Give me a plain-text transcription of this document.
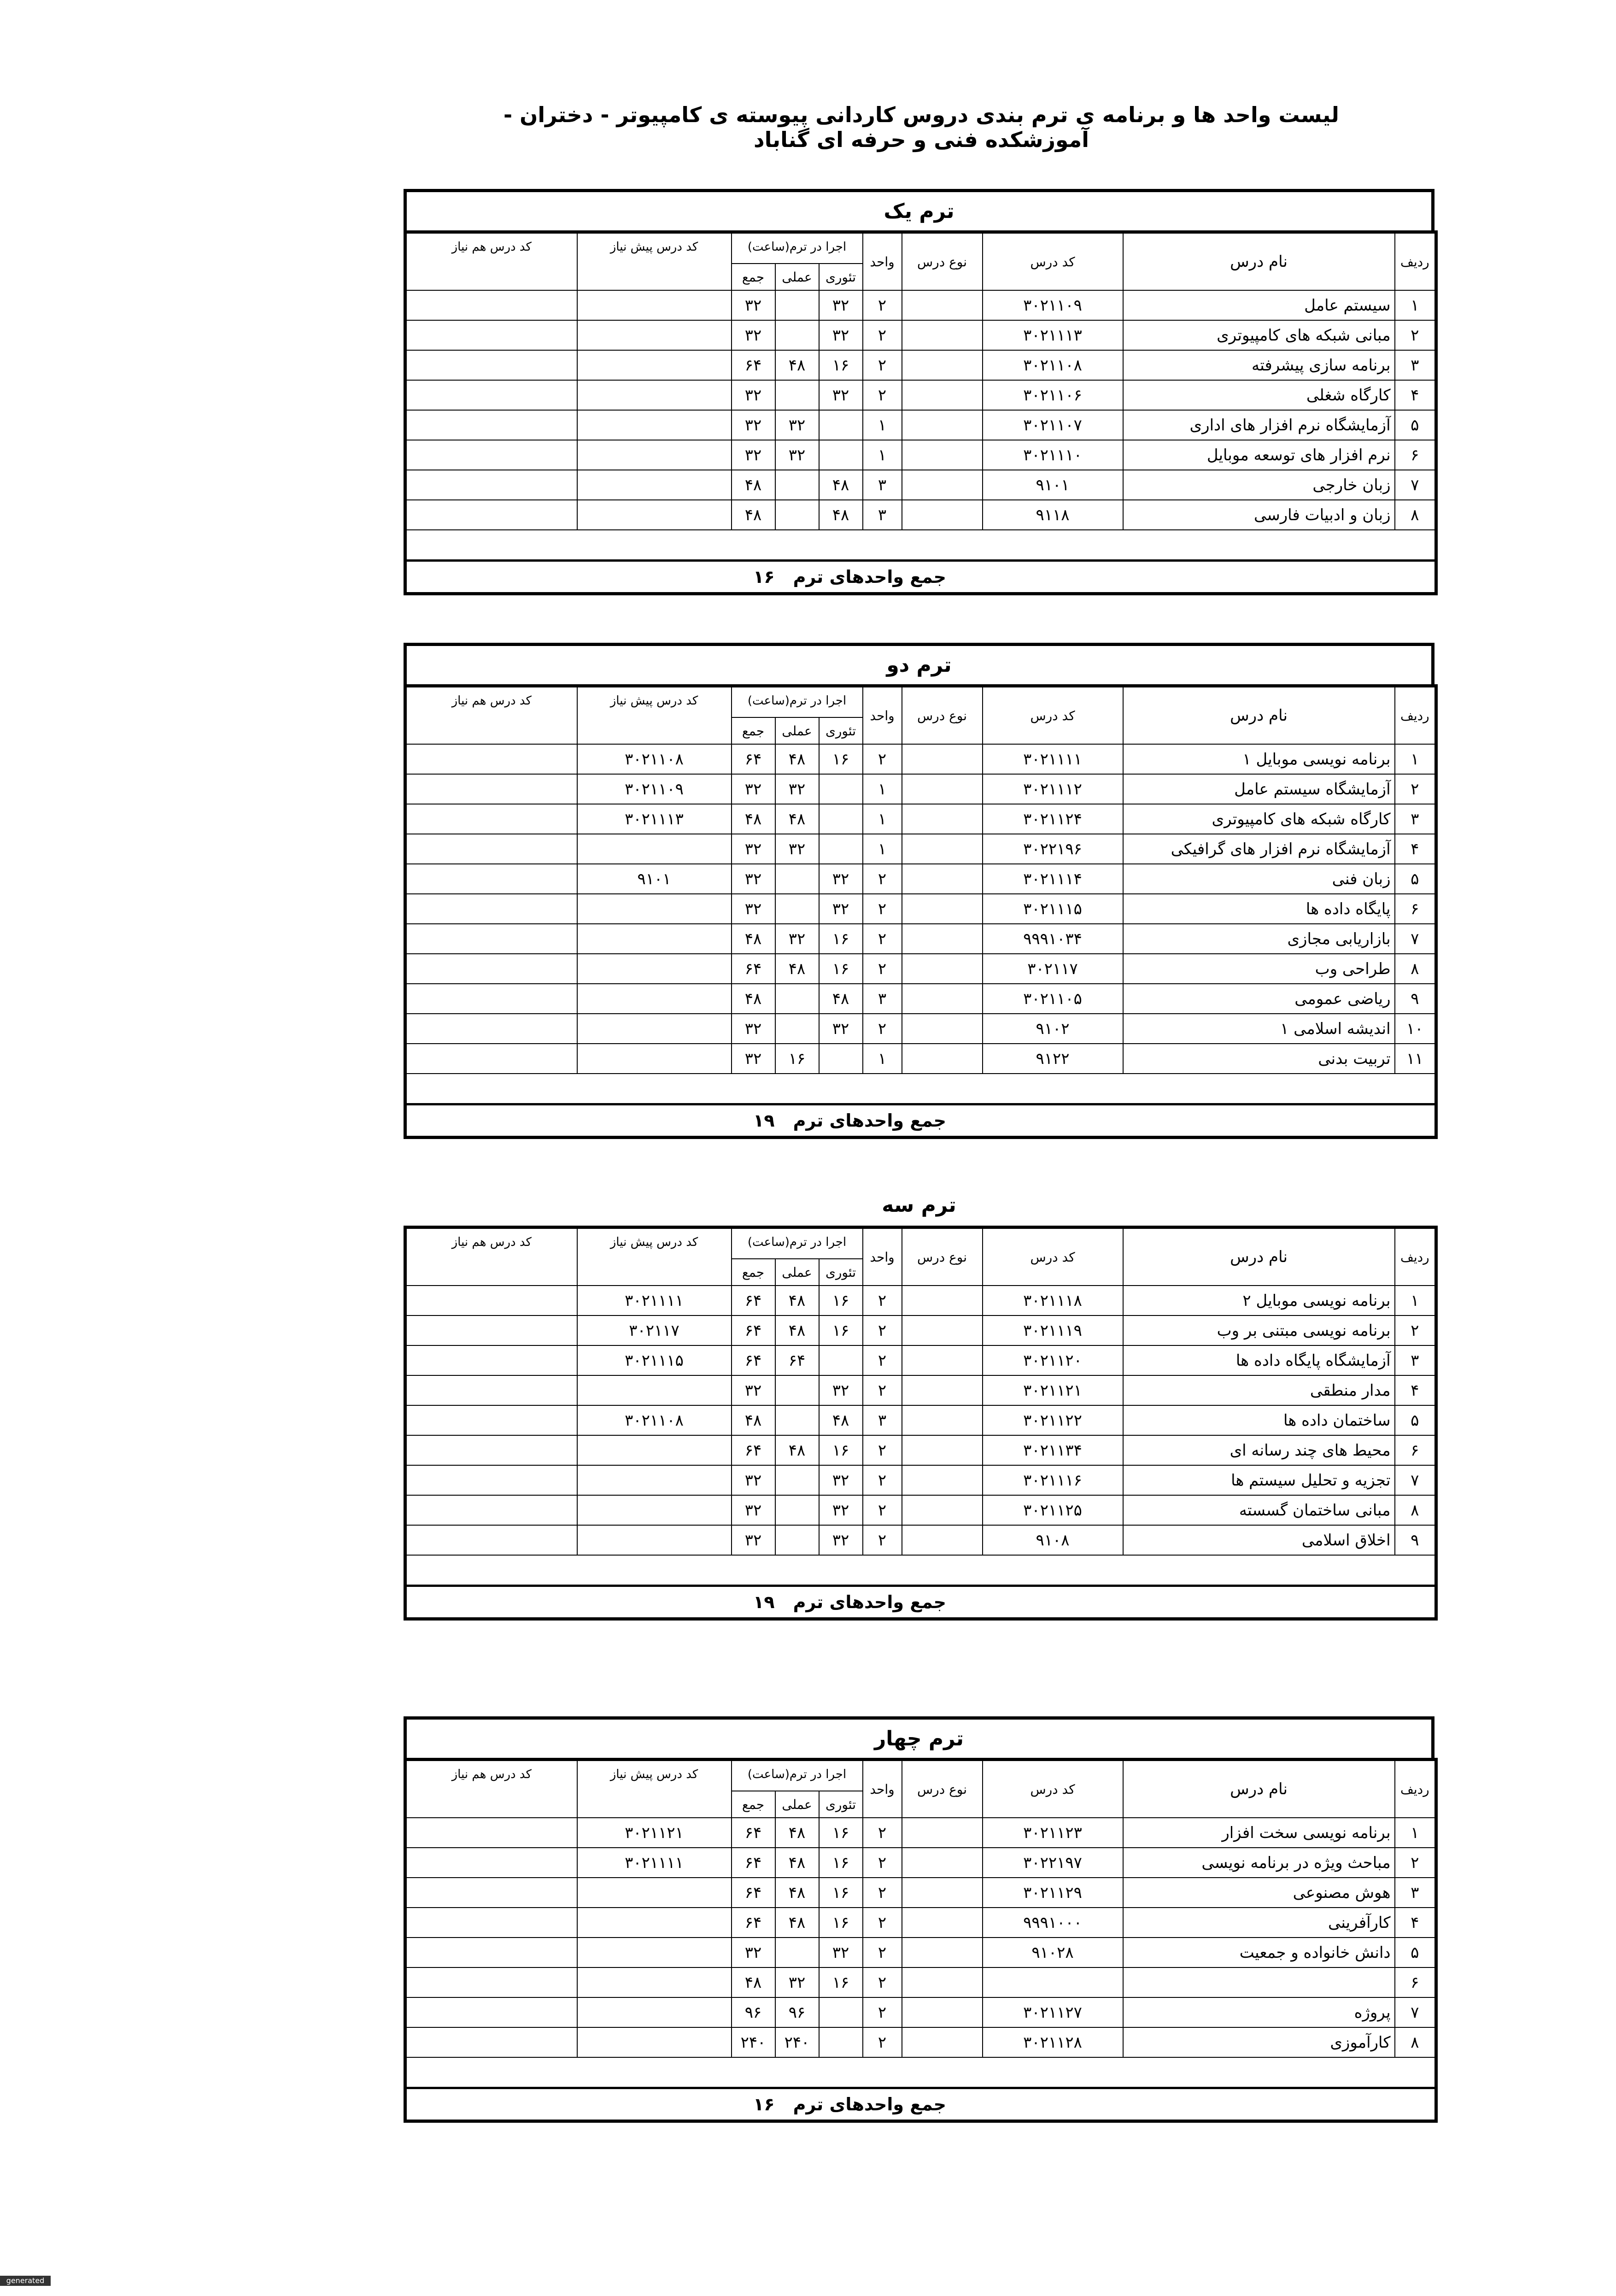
لیست واحد ها و برنامه ی ترم بندی دروس کاردانی پیوسته ی کامپیوتر - دختران - آموزشکده فنی و حرفه ای گناباد
ترم یک
ردیف	نام درس	کد درس	نوع درس	واحد	اجرا در ترم(ساعت)			کد درس پیش نیاز	کد درس هم نیاز
					تئوری	عملی	جمع		
۱	سیستم عامل	۳۰۲۱۱۰۹		۲	۳۲		۳۲		
۲	مبانی شبکه های کامپیوتری	۳۰۲۱۱۱۳		۲	۳۲		۳۲		
۳	برنامه سازی پیشرفته	۳۰۲۱۱۰۸		۲	۱۶	۴۸	۶۴		
۴	کارگاه شغلی	۳۰۲۱۱۰۶		۲	۳۲		۳۲		
۵	آزمایشگاه نرم افزار های اداری	۳۰۲۱۱۰۷		۱		۳۲	۳۲		
۶	نرم افزار های توسعه موبایل	۳۰۲۱۱۱۰		۱		۳۲	۳۲		
۷	زبان خارجی	۹۱۰۱		۳	۴۸		۴۸		
۸	زبان و ادبیات فارسی	۹۱۱۸		۳	۴۸		۴۸		

جمع واحدهای ترم۱۶									
ترم دو
ردیف	نام درس	کد درس	نوع درس	واحد	اجرا در ترم(ساعت)			کد درس پیش نیاز	کد درس هم نیاز
					تئوری	عملی	جمع		
۱	برنامه نویسی موبایل ۱	۳۰۲۱۱۱۱		۲	۱۶	۴۸	۶۴	۳۰۲۱۱۰۸	
۲	آزمایشگاه سیستم عامل	۳۰۲۱۱۱۲		۱		۳۲	۳۲	۳۰۲۱۱۰۹	
۳	کارگاه شبکه های کامپیوتری	۳۰۲۱۱۲۴		۱		۴۸	۴۸	۳۰۲۱۱۱۳	
۴	آزمایشگاه نرم افزار های گرافیکی	۳۰۲۲۱۹۶		۱		۳۲	۳۲		
۵	زبان فنی	۳۰۲۱۱۱۴		۲	۳۲		۳۲	۹۱۰۱	
۶	پایگاه داده ها	۳۰۲۱۱۱۵		۲	۳۲		۳۲		
۷	بازاریابی مجازی	۹۹۹۱۰۳۴		۲	۱۶	۳۲	۴۸		
۸	طراحی وب	۳۰۲۱۱۷		۲	۱۶	۴۸	۶۴		
۹	ریاضی عمومی	۳۰۲۱۱۰۵		۳	۴۸		۴۸		
۱۰	اندیشه اسلامی ۱	۹۱۰۲		۲	۳۲		۳۲		
۱۱	تربیت بدنی	۹۱۲۲		۱		۱۶	۳۲		

جمع واحدهای ترم۱۹									
ترم سه
ردیف	نام درس	کد درس	نوع درس	واحد	اجرا در ترم(ساعت)			کد درس پیش نیاز	کد درس هم نیاز
					تئوری	عملی	جمع		
۱	برنامه نویسی موبایل ۲	۳۰۲۱۱۱۸		۲	۱۶	۴۸	۶۴	۳۰۲۱۱۱۱	
۲	برنامه نویسی مبتنی بر وب	۳۰۲۱۱۱۹		۲	۱۶	۴۸	۶۴	۳۰۲۱۱۷	
۳	آزمایشگاه پایگاه داده ها	۳۰۲۱۱۲۰		۲		۶۴	۶۴	۳۰۲۱۱۱۵	
۴	مدار منطقی	۳۰۲۱۱۲۱		۲	۳۲		۳۲		
۵	ساختمان داده ها	۳۰۲۱۱۲۲		۳	۴۸		۴۸	۳۰۲۱۱۰۸	
۶	محیط های چند رسانه ای	۳۰۲۱۱۳۴		۲	۱۶	۴۸	۶۴		
۷	تجزیه و تحلیل سیستم ها	۳۰۲۱۱۱۶		۲	۳۲		۳۲		
۸	مبانی ساختمان گسسته	۳۰۲۱۱۲۵		۲	۳۲		۳۲		
۹	اخلاق اسلامی	۹۱۰۸		۲	۳۲		۳۲		

جمع واحدهای ترم۱۹									
ترم چهار
ردیف	نام درس	کد درس	نوع درس	واحد	اجرا در ترم(ساعت)			کد درس پیش نیاز	کد درس هم نیاز
					تئوری	عملی	جمع		
۱	برنامه نویسی سخت افزار	۳۰۲۱۱۲۳		۲	۱۶	۴۸	۶۴	۳۰۲۱۱۲۱	
۲	مباحث ویژه در برنامه نویسی	۳۰۲۲۱۹۷		۲	۱۶	۴۸	۶۴	۳۰۲۱۱۱۱	
۳	هوش مصنوعی	۳۰۲۱۱۲۹		۲	۱۶	۴۸	۶۴		
۴	کارآفرینی	۹۹۹۱۰۰۰		۲	۱۶	۴۸	۶۴		
۵	دانش خانواده و جمعیت	۹۱۰۲۸		۲	۳۲		۳۲		
۶				۲	۱۶	۳۲	۴۸		
۷	پروژه	۳۰۲۱۱۲۷		۲		۹۶	۹۶		
۸	کارآموزی	۳۰۲۱۱۲۸		۲		۲۴۰	۲۴۰		

جمع واحدهای ترم۱۶									
generated image
